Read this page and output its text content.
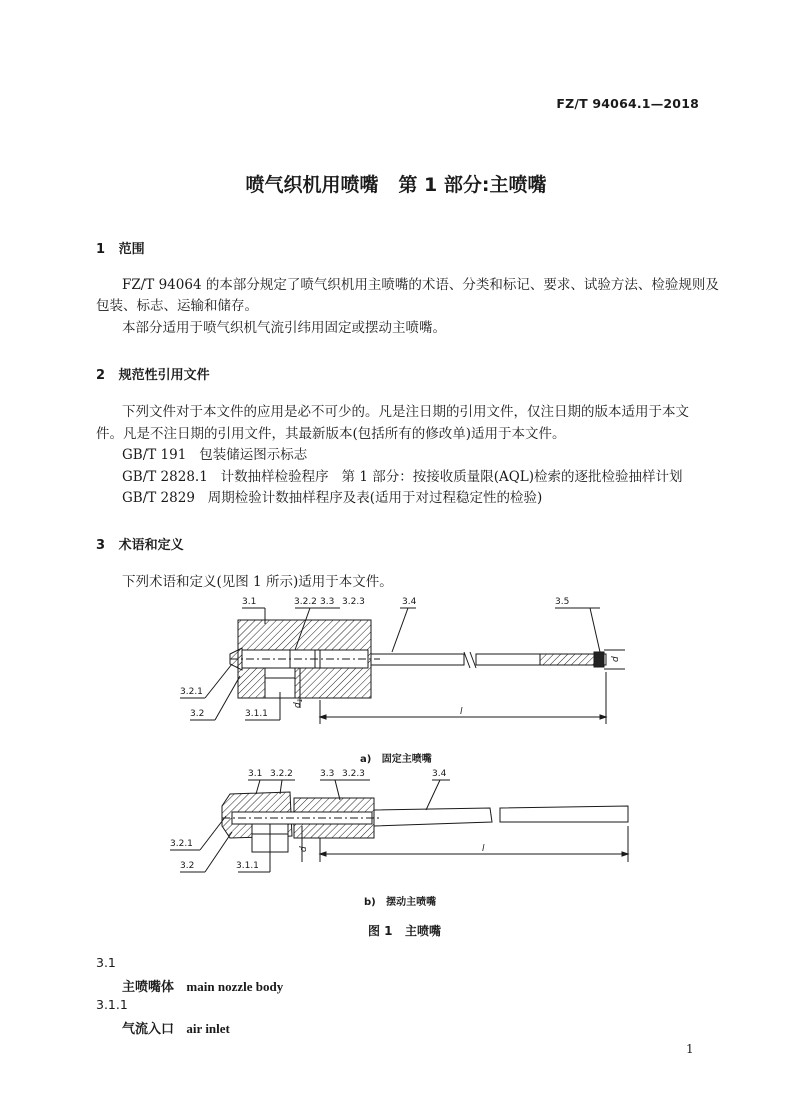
FZ/T 94064.1—2018
喷气织机用喷嘴   第 1 部分:主喷嘴
1   范围
FZ/T 94064 的本部分规定了喷气织机用主喷嘴的术语、分类和标记、要求、试验方法、检验规则及
包装、标志、运输和储存。
本部分适用于喷气织机气流引纬用固定或摆动主喷嘴。
2   规范性引用文件
下列文件对于本文件的应用是必不可少的。凡是注日期的引用文件，仅注日期的版本适用于本文
件。凡是不注日期的引用文件，其最新版本(包括所有的修改单)适用于本文件。
GB/T 191   包装储运图示标志
GB/T 2828.1   计数抽样检验程序   第 1 部分：按接收质量限(AQL)检索的逐批检验抽样计划
GB/T 2829   周期检验计数抽样程序及表(适用于对过程稳定性的检验)
3   术语和定义
下列术语和定义(见图 1 所示)适用于本文件。
3.1	3.2.2 3.3 3.2.3	3.4	3.5
3.2.1
3.2	3.1.1
d
$d_1$
l
a)   固定主喷嘴
3.1 3.2.2	3.3 3.2.3	3.4
3.2.1
3.2	3.1.1
d	l
b)   摆动主喷嘴
图 1   主喷嘴
3.1
主喷嘴体 main nozzle body
3.1.1
气流入口 air inlet
1
